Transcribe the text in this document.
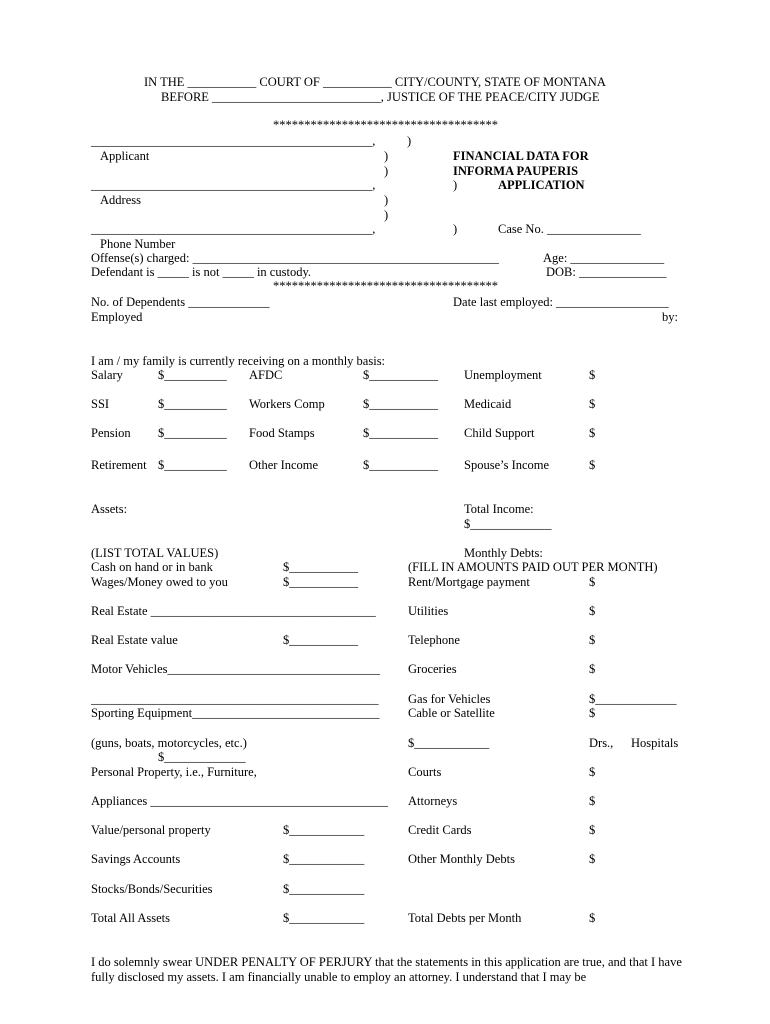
IN THE ___________ COURT OF ___________ CITY/COUNTY, STATE OF MONTANA
BEFORE ___________________________, JUSTICE OF THE PEACE/CITY JUDGE
************************************
_____________________________________________,	)
Applicant	)	FINANCIAL DATA FOR
)	INFORMA PAUPERIS
_____________________________________________,	)	APPLICATION
Address	)
)
_____________________________________________,	)	Case No. _______________
Phone Number
Offense(s) charged: _________________________________________________	Age: _______________
Defendant is _____ is not _____ in custody.	DOB: ______________
************************************
No. of Dependents _____________	Date last employed: __________________
Employed	by:
I am / my family is currently receiving on a monthly basis:
Salary	$__________ AFDC	$___________ Unemployment	$
SSI	$__________ Workers Comp	$___________ Medicaid	$
Pension $__________ Food Stamps	$___________ Child Support	$
Retirement $__________ Other Income	$___________ Spouse’s Income	$
Assets:	Total Income:
$_____________
(LIST TOTAL VALUES)	Monthly Debts:
Cash on hand or in bank	$___________	(FILL IN AMOUNTS PAID OUT PER MONTH)
Wages/Money owed to you	$___________	Rent/Mortgage payment	$
Real Estate ____________________________________	Utilities	$
Real Estate value	$___________	Telephone	$
Motor Vehicles__________________________________ Groceries	$
______________________________________________ Gas for Vehicles	$_____________
Sporting Equipment______________________________ Cable or Satellite	$
(guns, boats, motorcycles, etc.)	$____________	Drs., Hospitals
$_____________
Personal Property, i.e., Furniture,	Courts	$
Appliances ______________________________________ Attorneys	$
Value/personal property	$____________	Credit Cards	$
Savings Accounts	$____________	Other Monthly Debts	$
Stocks/Bonds/Securities	$____________
Total All Assets	$____________	Total Debts per Month	$
I do solemnly swear UNDER PENALTY OF PERJURY that the statements in this application are true, and that I have fully disclosed my assets. I am financially unable to employ an attorney. I understand that I may be
